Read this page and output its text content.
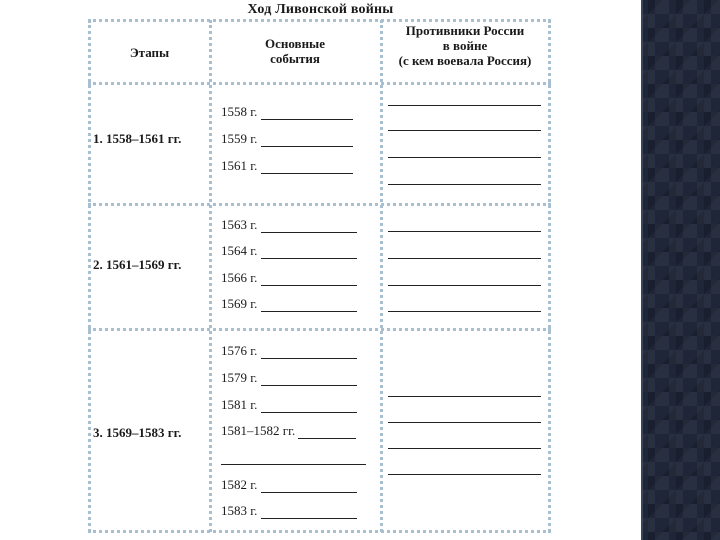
Ход Ливонской войны
Этапы
Основные
события
Противники России
в войне
(с кем воевала Россия)
1. 1558–1561 гг.
1558 г.
1559 г.
1561 г.
2. 1561–1569 гг.
1563 г.
1564 г.
1566 г.
1569 г.
3. 1569–1583 гг.
1576 г.
1579 г.
1581 г.
1581–1582 гг.
1582 г.
1583 г.
